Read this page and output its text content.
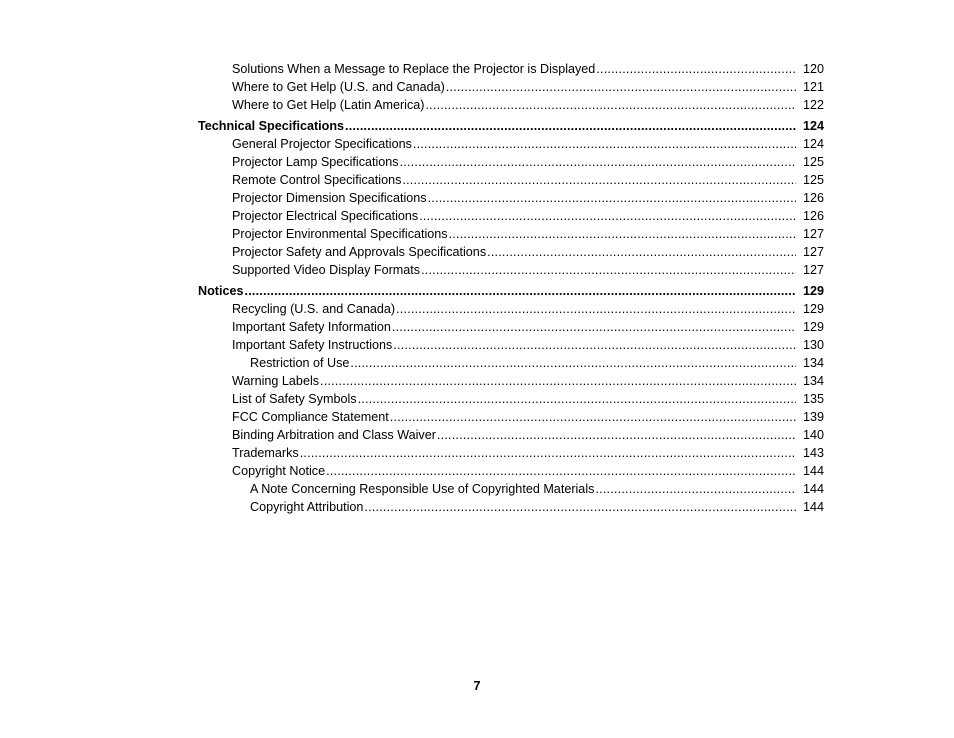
Solutions When a Message to Replace the Projector is Displayed .....	120
Where to Get Help (U.S. and Canada) .....	121
Where to Get Help (Latin America) .....	122
Technical Specifications .....	124
General Projector Specifications .....	124
Projector Lamp Specifications .....	125
Remote Control Specifications .....	125
Projector Dimension Specifications .....	126
Projector Electrical Specifications .....	126
Projector Environmental Specifications .....	127
Projector Safety and Approvals Specifications .....	127
Supported Video Display Formats .....	127
Notices .....	129
Recycling (U.S. and Canada) .....	129
Important Safety Information .....	129
Important Safety Instructions .....	130
Restriction of Use .....	134
Warning Labels .....	134
List of Safety Symbols .....	135
FCC Compliance Statement .....	139
Binding Arbitration and Class Waiver .....	140
Trademarks .....	143
Copyright Notice .....	144
A Note Concerning Responsible Use of Copyrighted Materials .....	144
Copyright Attribution .....	144
7
